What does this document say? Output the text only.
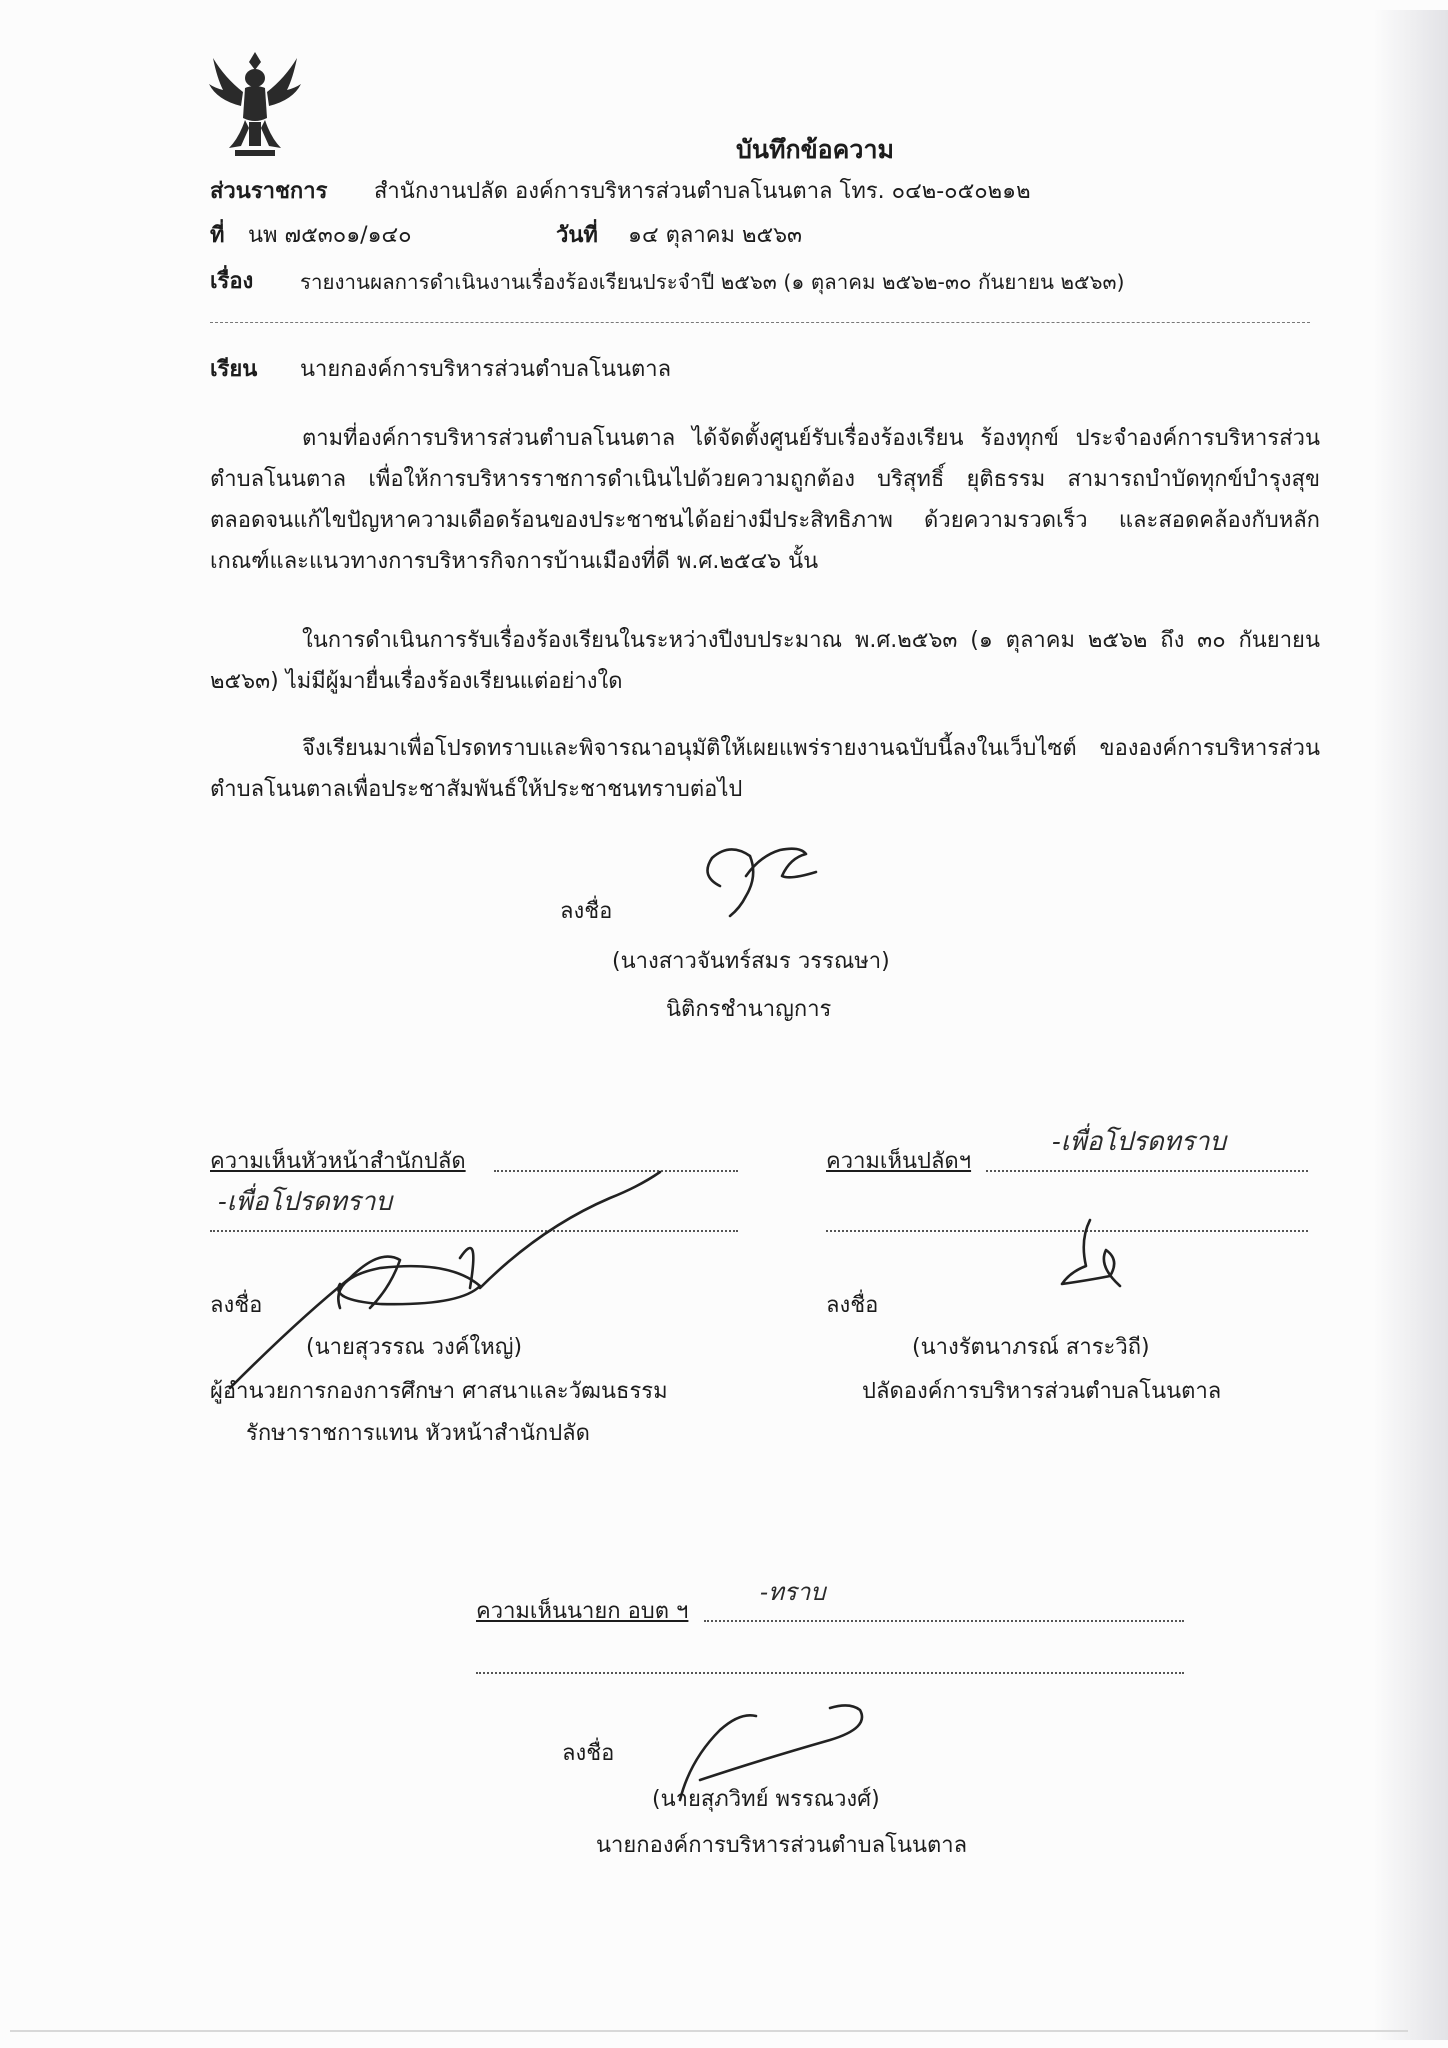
บันทึกข้อความ
ส่วนราชการ สำนักงานปลัด องค์การบริหารส่วนตำบลโนนตาล โทร. ๐๔๒-๐๕๐๒๑๒
ที่ นพ ๗๕๓๐๑/๑๔๐	วันที่ ๑๔ ตุลาคม ๒๕๖๓
เรื่อง รายงานผลการดำเนินงานเรื่องร้องเรียนประจำปี ๒๕๖๓ (๑ ตุลาคม ๒๕๖๒-๓๐ กันยายน ๒๕๖๓)
เรียน นายกองค์การบริหารส่วนตำบลโนนตาล
ตามที่องค์การบริหารส่วนตำบลโนนตาล ได้จัดตั้งศูนย์รับเรื่องร้องเรียน ร้องทุกข์ ประจำองค์การบริหารส่วนตำบลโนนตาล เพื่อให้การบริหารราชการดำเนินไปด้วยความถูกต้อง บริสุทธิ์ ยุติธรรม สามารถบำบัดทุกข์บำรุงสุข ตลอดจนแก้ไขปัญหาความเดือดร้อนของประชาชนได้อย่างมีประสิทธิภาพ ด้วยความรวดเร็ว และสอดคล้องกับหลักเกณฑ์และแนวทางการบริหารกิจการบ้านเมืองที่ดี พ.ศ.๒๕๔๖ นั้น
ในการดำเนินการรับเรื่องร้องเรียนในระหว่างปีงบประมาณ พ.ศ.๒๕๖๓ (๑ ตุลาคม ๒๕๖๒ ถึง ๓๐ กันยายน ๒๕๖๓) ไม่มีผู้มายื่นเรื่องร้องเรียนแต่อย่างใด
จึงเรียนมาเพื่อโปรดทราบและพิจารณาอนุมัติให้เผยแพร่รายงานฉบับนี้ลงในเว็บไซต์ ขององค์การบริหารส่วนตำบลโนนตาลเพื่อประชาสัมพันธ์ให้ประชาชนทราบต่อไป
ลงชื่อ
(นางสาวจันทร์สมร วรรณษา)
นิติกรชำนาญการ
ความเห็นหัวหน้าสำนักปลัด
-เพื่อโปรดทราบ
ลงชื่อ
(นายสุวรรณ วงค์ใหญ่)
ผู้อำนวยการกองการศึกษา ศาสนาและวัฒนธรรม
รักษาราชการแทน หัวหน้าสำนักปลัด
ความเห็นปลัดฯ
-เพื่อโปรดทราบ
ลงชื่อ
(นางรัตนาภรณ์ สาระวิถี)
ปลัดองค์การบริหารส่วนตำบลโนนตาล
ความเห็นนายก อบต ฯ
-ทราบ
ลงชื่อ
(นายสุภวิทย์ พรรณวงศ์)
นายกองค์การบริหารส่วนตำบลโนนตาล
